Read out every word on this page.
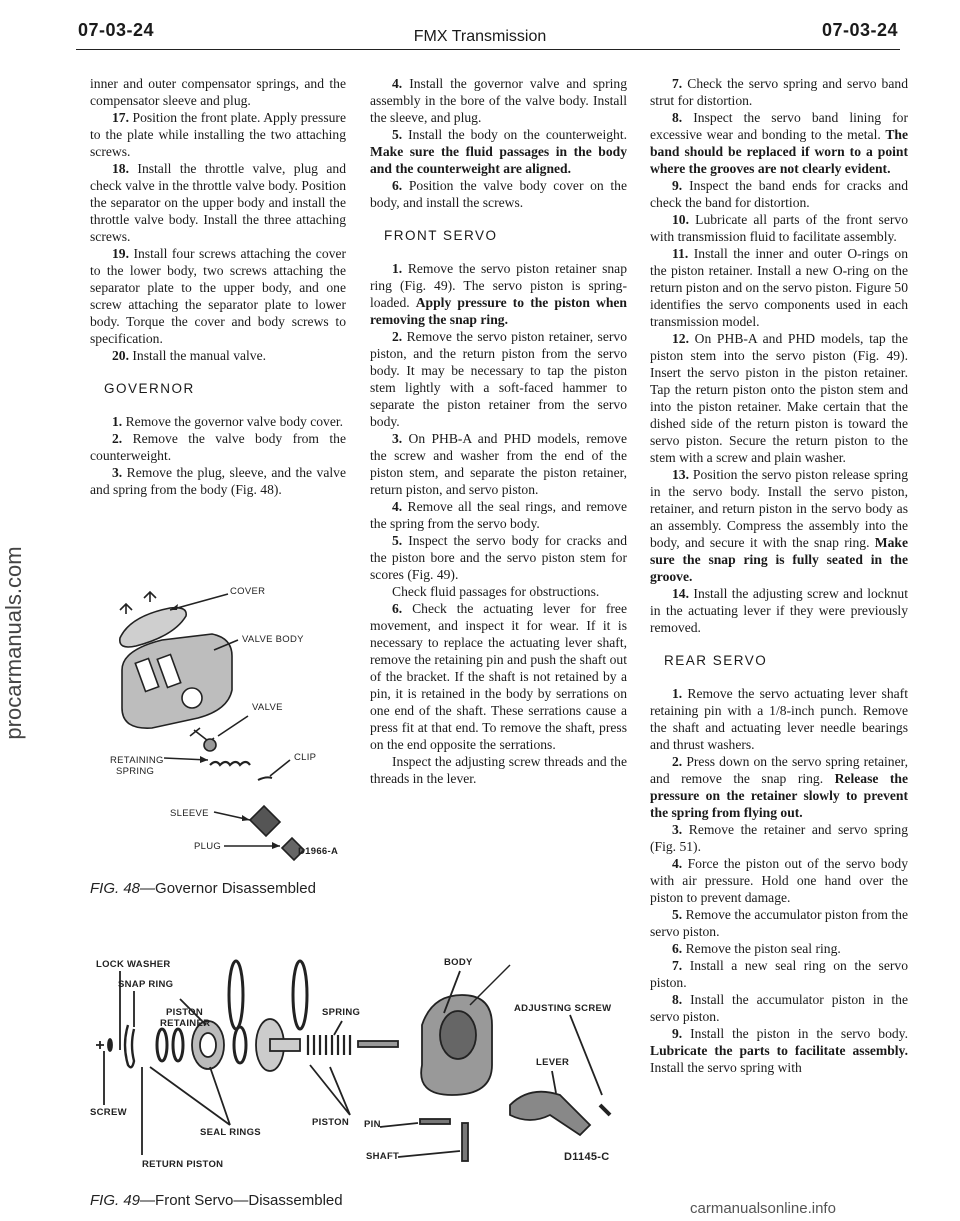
07-03-24	FMX Transmission	07-03-24
procarmanuals.com
carmanualsonline.info

inner and outer compensator springs, and the compensator sleeve and plug.

17. Position the front plate. Apply pressure to the plate while installing the two attaching screws.

18. Install the throttle valve, plug and check valve in the throttle valve body. Position the separator on the upper body and install the throttle valve body. Install the three attaching screws.

19. Install four screws attaching the cover to the lower body, two screws attaching the separator plate to the upper body, and one screw attaching the separator plate to lower body. Torque the cover and body screws to specification.

20. Install the manual valve.

GOVERNOR

1. Remove the governor valve body cover.

2. Remove the valve body from the counterweight.

3. Remove the plug, sleeve, and the valve and spring from the body (Fig. 48).

4. Install the governor valve and spring assembly in the bore of the valve body. Install the sleeve, and plug.

5. Install the body on the counterweight. Make sure the fluid passages in the body and the counterweight are aligned.

6. Position the valve body cover on the body, and install the screws.

FRONT SERVO

1. Remove the servo piston retainer snap ring (Fig. 49). The servo piston is spring-loaded. Apply pressure to the piston when removing the snap ring.

2. Remove the servo piston retainer, servo piston, and the return piston from the servo body. It may be necessary to tap the piston stem lightly with a soft-faced hammer to separate the piston retainer from the servo body.

3. On PHB-A and PHD models, remove the screw and washer from the end of the piston stem, and separate the piston retainer, return piston, and servo piston.

4. Remove all the seal rings, and remove the spring from the servo body.

5. Inspect the servo body for cracks and the piston bore and the servo piston stem for scores (Fig. 49).

Check fluid passages for obstructions.

6. Check the actuating lever for free movement, and inspect it for wear. If it is necessary to replace the actuating lever shaft, remove the retaining pin and push the shaft out of the bracket. If the shaft is not retained by a pin, it is retained in the body by serrations on one end of the shaft. These serrations cause a press fit at that end. To remove the shaft, press on the end opposite the serrations.

Inspect the adjusting screw threads and the threads in the lever.

7. Check the servo spring and servo band strut for distortion.

8. Inspect the servo band lining for excessive wear and bonding to the metal. The band should be replaced if worn to a point where the grooves are not clearly evident.

9. Inspect the band ends for cracks and check the band for distortion.

10. Lubricate all parts of the front servo with transmission fluid to facilitate assembly.

11. Install the inner and outer O-rings on the piston retainer. Install a new O-ring on the return piston and on the servo piston. Figure 50 identifies the servo components used in each transmission model.

12. On PHB-A and PHD models, tap the piston stem into the servo piston (Fig. 49). Insert the servo piston in the piston retainer. Tap the return piston onto the piston stem and into the piston retainer. Make certain that the dished side of the return piston is toward the servo piston. Secure the return piston to the stem with a screw and plain washer.

13. Position the servo piston release spring in the servo body. Install the servo piston, retainer, and return piston in the servo body as an assembly. Compress the assembly into the body, and secure it with the snap ring. Make sure the snap ring is fully seated in the groove.

14. Install the adjusting screw and locknut in the actuating lever if they were previously removed.

REAR SERVO

1. Remove the servo actuating lever shaft retaining pin with a 1/8-inch punch. Remove the shaft and actuating lever needle bearings and thrust washers.

2. Press down on the servo spring retainer, and remove the snap ring. Release the pressure on the retainer slowly to prevent the spring from flying out.

3. Remove the retainer and servo spring (Fig. 51).

4. Force the piston out of the servo body with air pressure. Hold one hand over the piston to prevent damage.

5. Remove the accumulator piston from the servo piston.

6. Remove the piston seal ring.

7. Install a new seal ring on the servo piston.

8. Install the accumulator piston in the servo piston.

9. Install the piston in the servo body. Lubricate the parts to facilitate assembly. Install the servo spring with

COVER
VALVE BODY
VALVE
RETAINING
SPRING
CLIP
SLEEVE
PLUG	D1966-A
FIG. 48—Governor Disassembled
LOCK WASHER
SNAP RING
PISTON
RETAINER
SPRING
BODY
ADJUSTING SCREW
LEVER
SCREW
SEAL RINGS
PISTON PIN
SHAFT
RETURN PISTON
D1145-C
FIG. 49—Front Servo—Disassembled
